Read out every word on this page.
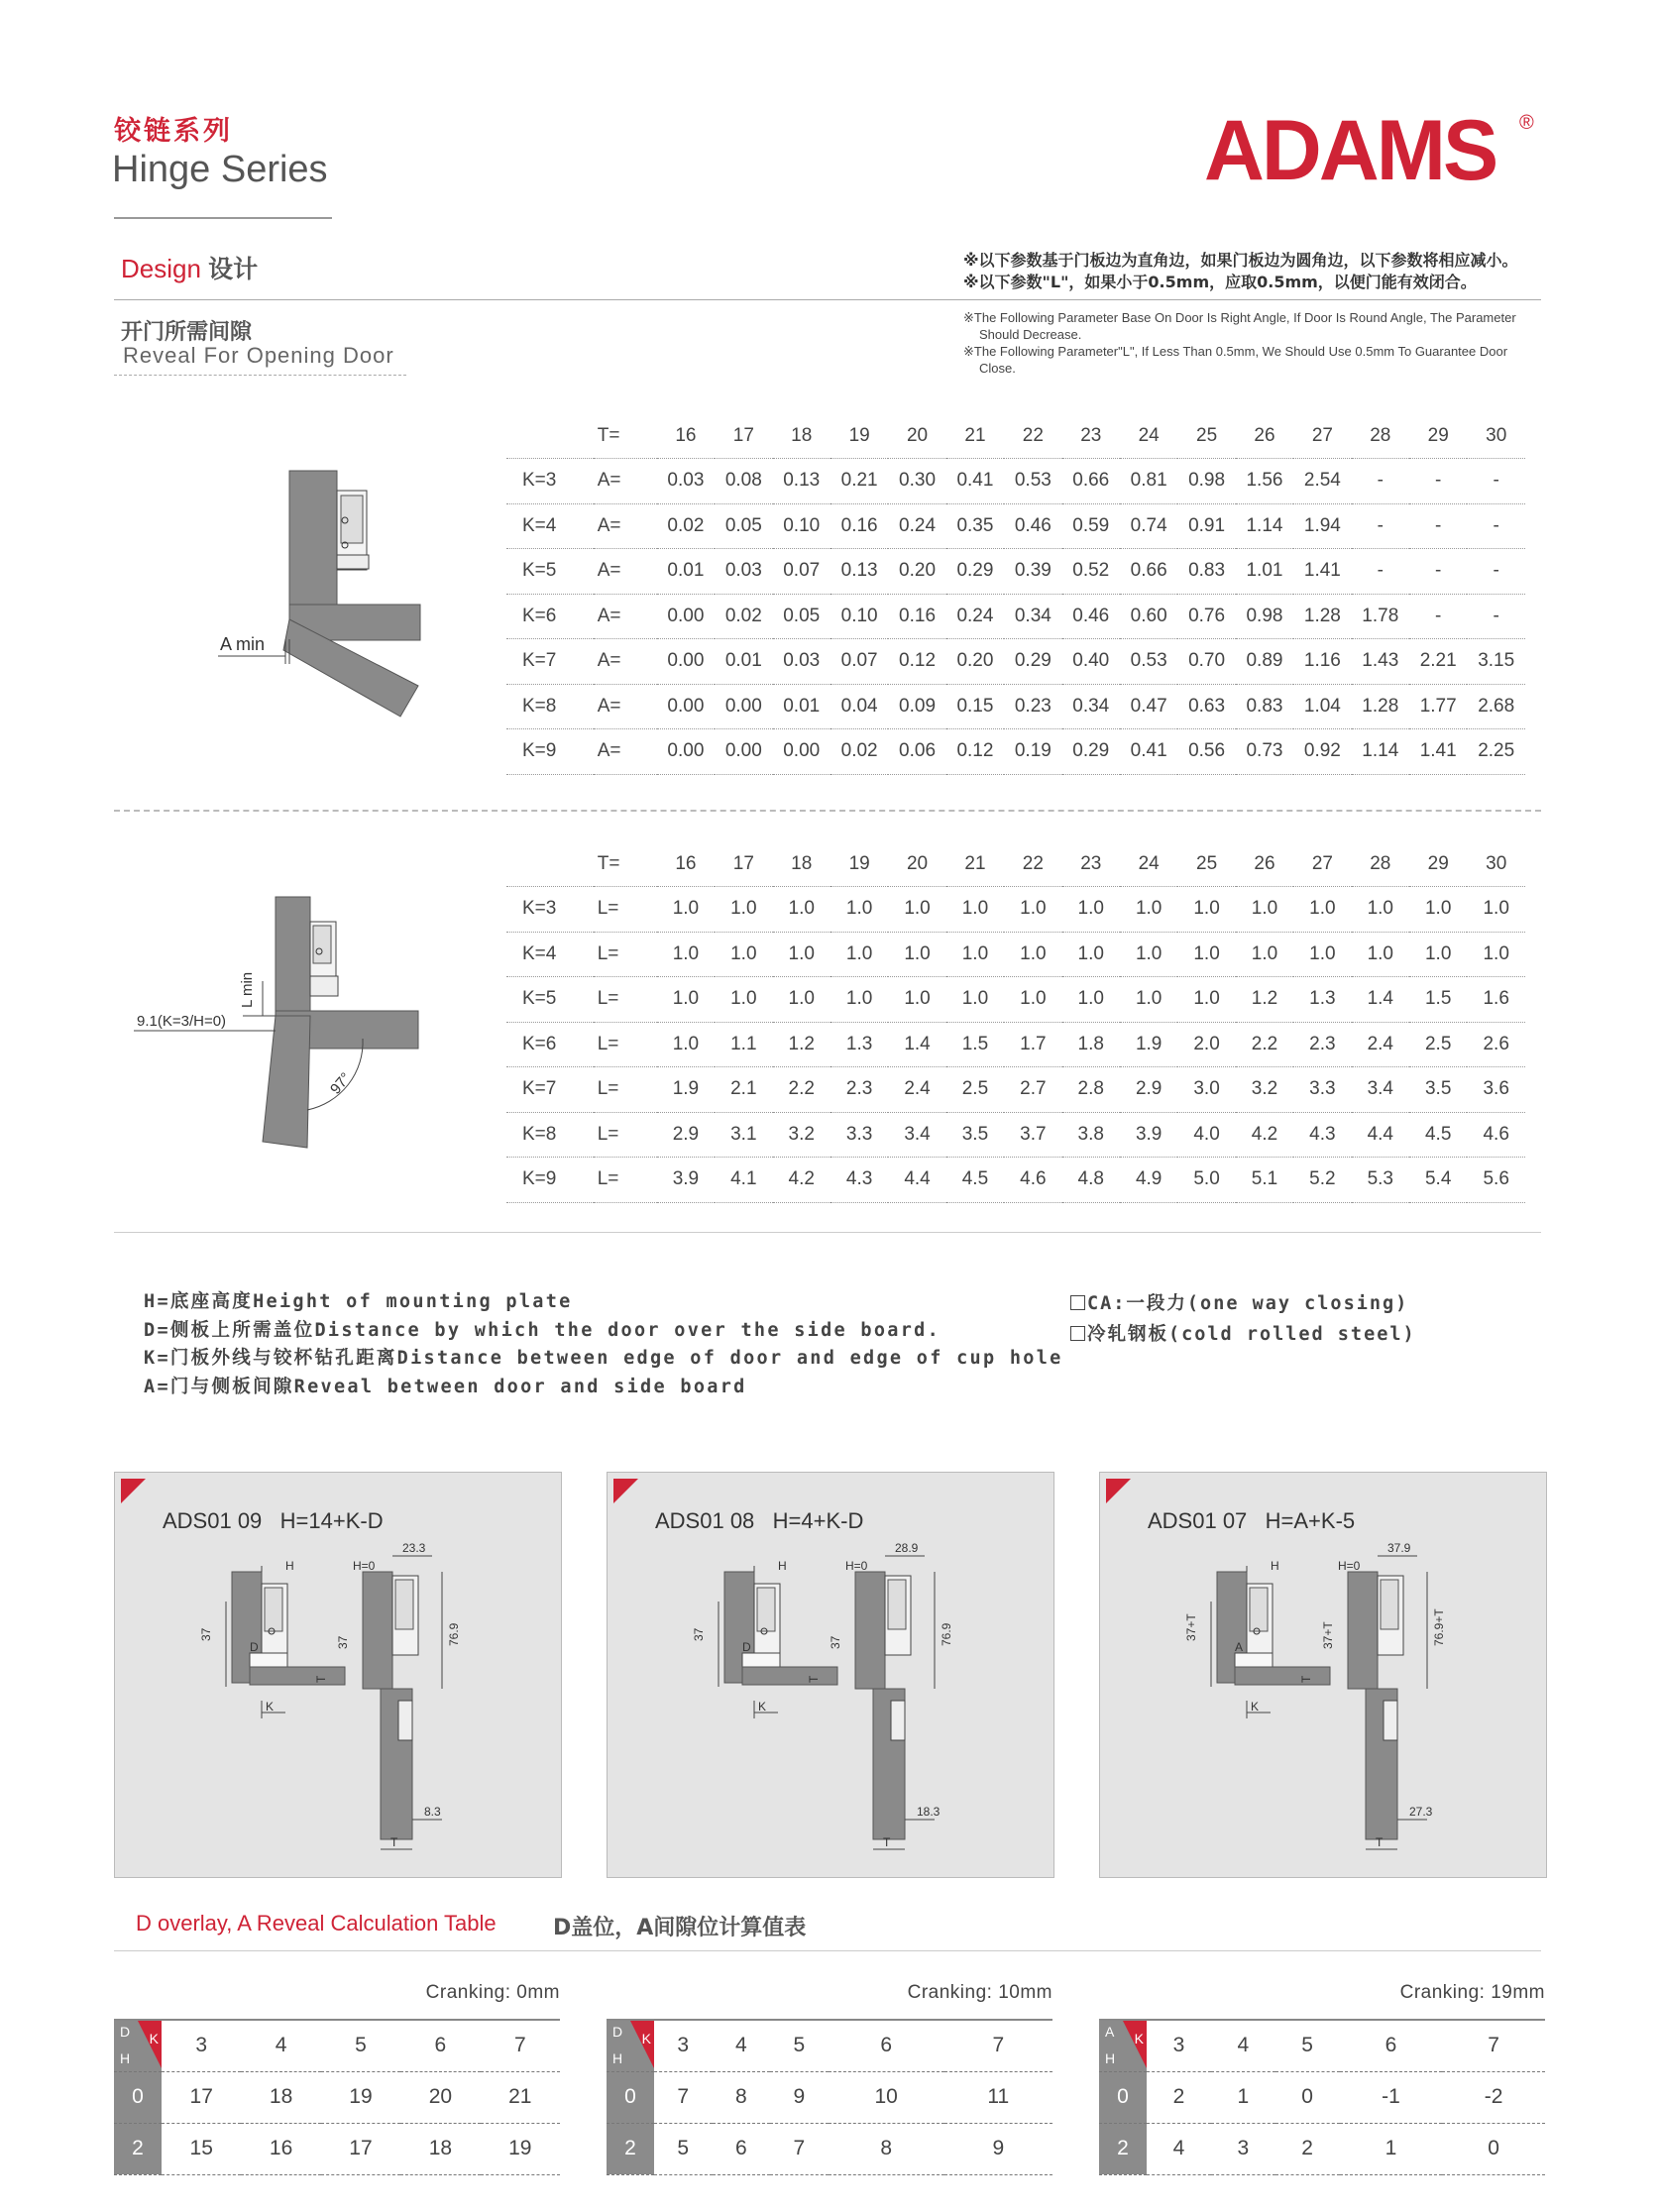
铰链系列
Hinge Series	ADAMS ®
Design 设计
开门所需间隙
Reveal For Opening Door
※以下参数基于门板边为直角边，如果门板边为圆角边，以下参数将相应减小。
※以下参数"L"，如果小于0.5mm，应取0.5mm，以便门能有效闭合。
※The Following Parameter Base On Door Is Right Angle, If Door Is Round Angle, The Parameter Should Decrease.
※The Following Parameter"L", If Less Than 0.5mm, We Should Use 0.5mm To Guarantee Door Close.
A min
	T=	16	17	18	19	20	21	22	23	24	25	26	27	28	29	30
K=3	A=	0.03	0.08	0.13	0.21	0.30	0.41	0.53	0.66	0.81	0.98	1.56	2.54	-	-	-
K=4	A=	0.02	0.05	0.10	0.16	0.24	0.35	0.46	0.59	0.74	0.91	1.14	1.94	-	-	-
K=5	A=	0.01	0.03	0.07	0.13	0.20	0.29	0.39	0.52	0.66	0.83	1.01	1.41	-	-	-
K=6	A=	0.00	0.02	0.05	0.10	0.16	0.24	0.34	0.46	0.60	0.76	0.98	1.28	1.78	-	-
K=7	A=	0.00	0.01	0.03	0.07	0.12	0.20	0.29	0.40	0.53	0.70	0.89	1.16	1.43	2.21	3.15
K=8	A=	0.00	0.00	0.01	0.04	0.09	0.15	0.23	0.34	0.47	0.63	0.83	1.04	1.28	1.77	2.68
K=9	A=	0.00	0.00	0.00	0.02	0.06	0.12	0.19	0.29	0.41	0.56	0.73	0.92	1.14	1.41	2.25
9.1(K=3/H=0)
L min
97°
	T=	16	17	18	19	20	21	22	23	24	25	26	27	28	29	30
K=3	L=	1.0	1.0	1.0	1.0	1.0	1.0	1.0	1.0	1.0	1.0	1.0	1.0	1.0	1.0	1.0
K=4	L=	1.0	1.0	1.0	1.0	1.0	1.0	1.0	1.0	1.0	1.0	1.0	1.0	1.0	1.0	1.0
K=5	L=	1.0	1.0	1.0	1.0	1.0	1.0	1.0	1.0	1.0	1.0	1.2	1.3	1.4	1.5	1.6
K=6	L=	1.0	1.1	1.2	1.3	1.4	1.5	1.7	1.8	1.9	2.0	2.2	2.3	2.4	2.5	2.6
K=7	L=	1.9	2.1	2.2	2.3	2.4	2.5	2.7	2.8	2.9	3.0	3.2	3.3	3.4	3.5	3.6
K=8	L=	2.9	3.1	3.2	3.3	3.4	3.5	3.7	3.8	3.9	4.0	4.2	4.3	4.4	4.5	4.6
K=9	L=	3.9	4.1	4.2	4.3	4.4	4.5	4.6	4.8	4.9	5.0	5.1	5.2	5.3	5.4	5.6
H=底座高度Height of mounting plate
D=侧板上所需盖位Distance by which the door over the side board.
K=门板外线与铰杯钻孔距离Distance between edge of door and edge of cup hole
A=门与侧板间隙Reveal between door and side board
CA:一段力(one way closing)
冷轧钢板(cold rolled steel)
ADS01 09 H=14+K-D
H
D
K
T
37
H=0
23.3
76.9
8.3
37
T
ADS01 08 H=4+K-D
H
D
K
T
37
H=0
28.9
76.9
18.3
37
T
ADS01 07 H=A+K-5
H
A
K
T
37+T
H=0
37.9
76.9+T
27.3
37+T
T
D overlay, A Reveal Calculation Table	D盖位，A间隙位计算值表
Cranking: 0mm
D
H
K	3	4	5	6	7
0	17	18	19	20	21
2	15	16	17	18	19
Cranking: 10mm
D
H
K	3	4	5	6	7
0	7	8	9	10	11
2	5	6	7	8	9
Cranking: 19mm
A
H
K	3	4	5	6	7
0	2	1	0	-1	-2
2	4	3	2	1	0
